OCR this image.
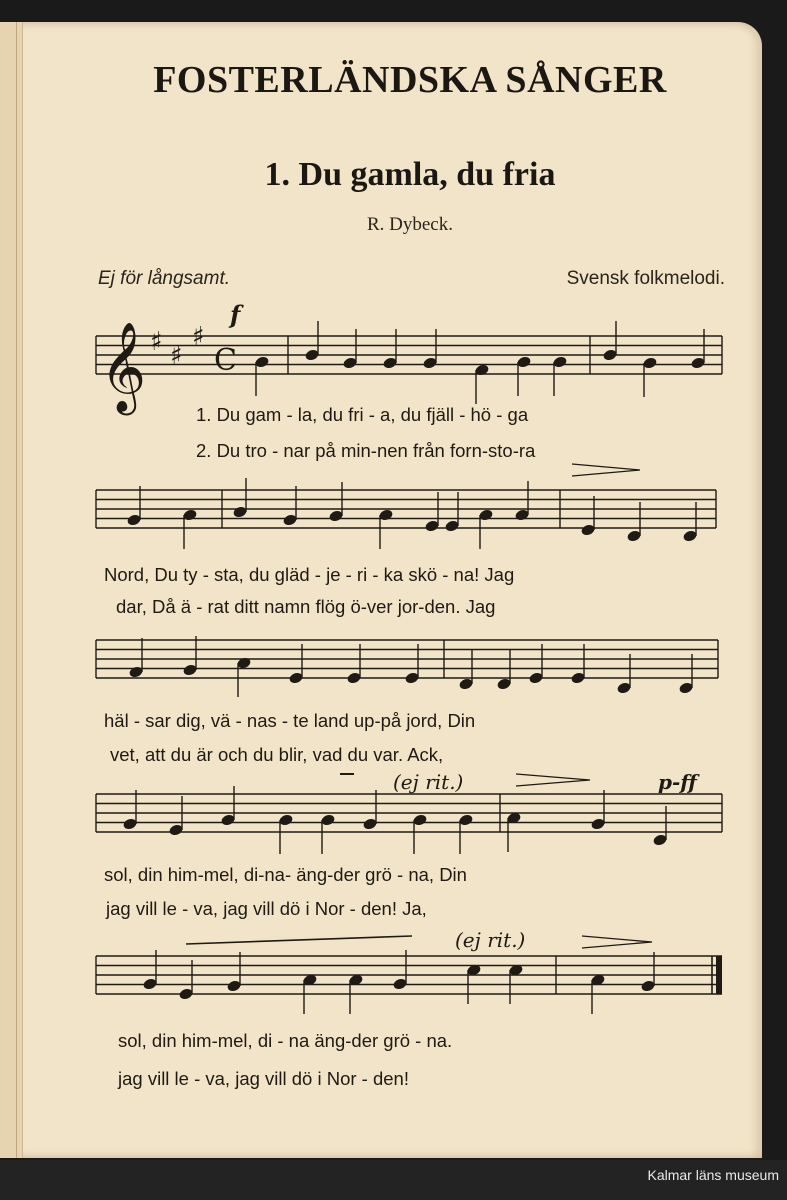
FOSTERLÄNDSKA SÅNGER
1. Du gamla, du fria
R. Dybeck.
Ej för långsamt.	Svensk folkmelodi.
𝄞 ♯ ♯
♯
C
f
(ej rit.)
(ej rit.)
p-ff
1. Du gam - la, du fri - a, du fjäll - hö - ga
2. Du tro - nar på min-nen från forn-sto-ra
Nord, Du ty - sta, du gläd - je - ri - ka skö - na! Jag
dar, Då ä - rat ditt namn flög ö-ver jor-den. Jag
häl - sar dig, vä - nas - te land up-på jord, Din
vet, att du är och du blir, vad du var. Ack,
sol, din him-mel, di-na- äng-der grö - na, Din
jag vill le - va, jag vill dö i Nor - den! Ja,
sol, din him-mel, di - na äng-der grö - na.
jag vill le - va, jag vill dö i Nor - den!
Kalmar läns museum
